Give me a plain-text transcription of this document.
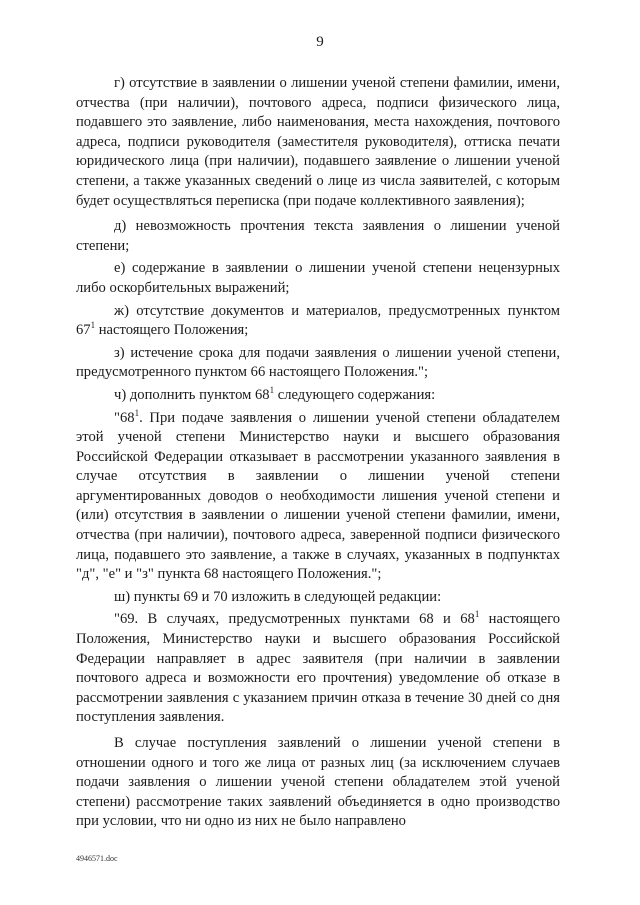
9

г) отсутствие в заявлении о лишении ученой степени фамилии, имени, отчества (при наличии), почтового адреса, подписи физического лица, подавшего это заявление, либо наименования, места нахождения, почтового адреса, подписи руководителя (заместителя руководителя), оттиска печати юридического лица (при наличии), подавшего заявление о лишении ученой степени, а также указанных сведений о лице из числа заявителей, с которым будет осуществляться переписка (при подаче коллективного заявления);

д) невозможность прочтения текста заявления о лишении ученой степени;

е) содержание в заявлении о лишении ученой степени нецензурных либо оскорбительных выражений;

ж) отсутствие документов и материалов, предусмотренных пунктом $67^1$ настоящего Положения;

з) истечение срока для подачи заявления о лишении ученой степени, предусмотренного пунктом 66 настоящего Положения.";

ч) дополнить пунктом $68^1$ следующего содержания:

"$68^1$. При подаче заявления о лишении ученой степени обладателем этой ученой степени Министерство науки и высшего образования Российской Федерации отказывает в рассмотрении указанного заявления в случае отсутствия в заявлении о лишении ученой степени аргументированных доводов о необходимости лишения ученой степени и (или) отсутствия в заявлении о лишении ученой степени фамилии, имени, отчества (при наличии), почтового адреса, заверенной подписи физического лица, подавшего это заявление, а также в случаях, указанных в подпунктах "д", "е" и "з" пункта 68 настоящего Положения.";

ш) пункты 69 и 70 изложить в следующей редакции:

"69. В случаях, предусмотренных пунктами 68 и $68^1$ настоящего Положения, Министерство науки и высшего образования Российской Федерации направляет в адрес заявителя (при наличии в заявлении почтового адреса и возможности его прочтения) уведомление об отказе в рассмотрении заявления с указанием причин отказа в течение 30 дней со дня поступления заявления.

В случае поступления заявлений о лишении ученой степени в отношении одного и того же лица от разных лиц (за исключением случаев подачи заявления о лишении ученой степени обладателем этой ученой степени) рассмотрение таких заявлений объединяется в одно производство при условии, что ни одно из них не было направлено

4946571.doc
